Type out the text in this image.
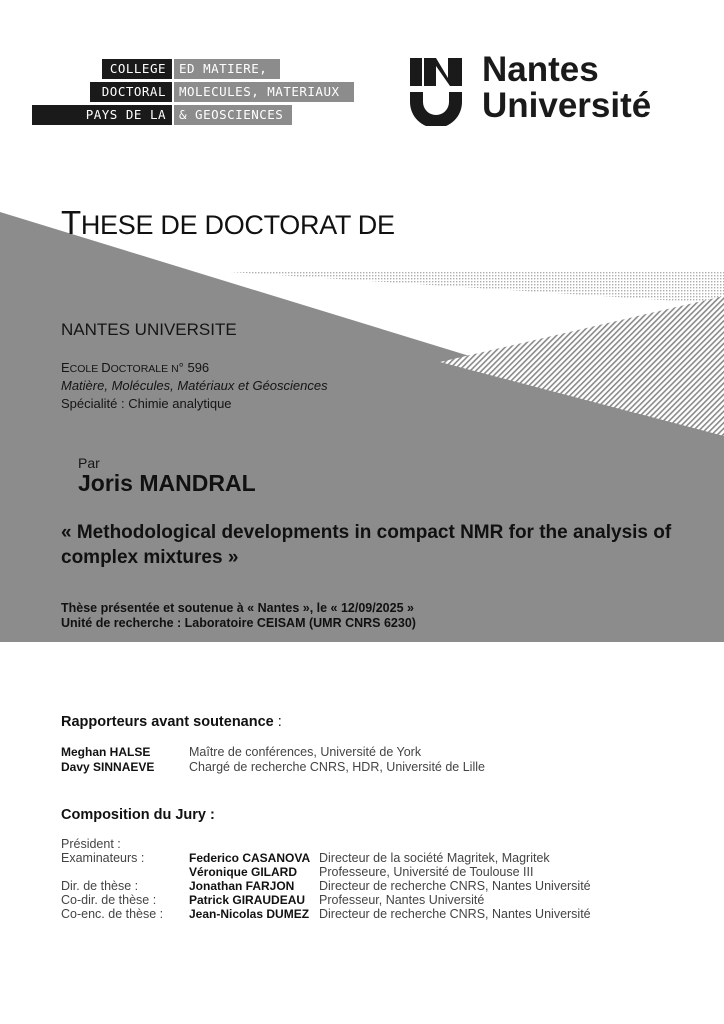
COLLEGE	ED MATIERE,
DOCTORAL	MOLECULES, MATERIAUX
PAYS DE LA LOIRE
& GEOSCIENCES
Nantes
Université
THESE DE DOCTORAT DE
NANTES UNIVERSITE
ECOLE DOCTORALE N° 596
Matière, Molécules, Matériaux et Géosciences
Spécialité : Chimie analytique
Par
Joris MANDRAL
« Methodological developments in compact NMR for the analysis of complex mixtures »
Thèse présentée et soutenue à « Nantes », le « 12/09/2025 »
Unité de recherche : Laboratoire CEISAM (UMR CNRS 6230)
Rapporteurs avant soutenance :
Meghan HALSE	Maître de conférences, Université de York
Davy SINNAEVE	Chargé de recherche CNRS, HDR, Université de Lille
Composition du Jury :
Président :
Examinateurs :	Federico CASANOVA Directeur de la société Magritek, Magritek
Véronique GILARD Professeure, Université de Toulouse III
Dir. de thèse :	Jonathan FARJON Directeur de recherche CNRS, Nantes Université
Co-dir. de thèse :	Patrick GIRAUDEAU Professeur, Nantes Université
Co-enc. de thèse : Jean-Nicolas DUMEZ Directeur de recherche CNRS, Nantes Université
